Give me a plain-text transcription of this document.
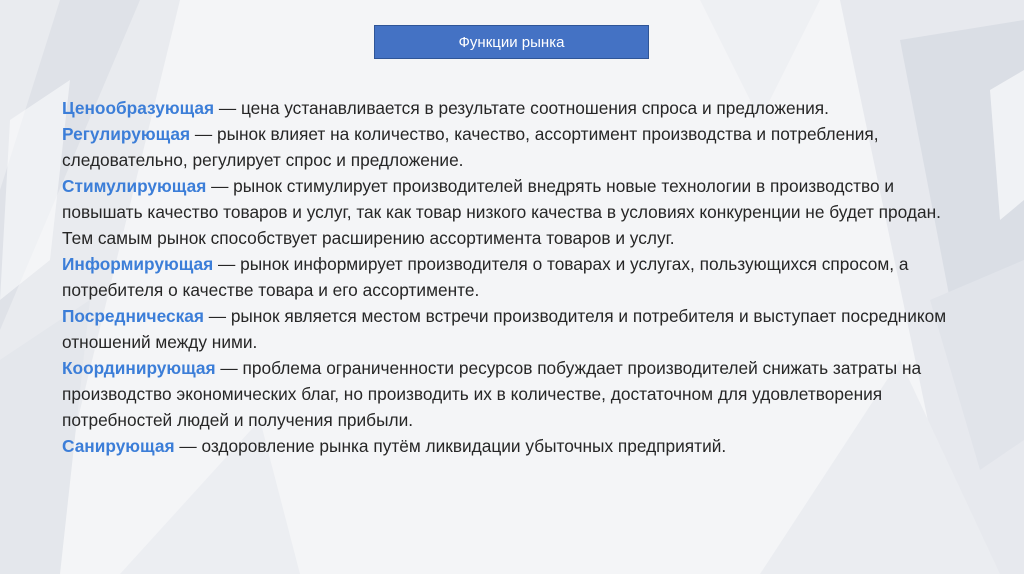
Функции рынка

Ценообразующая — цена устанавливается в результате соотношения спроса и предложения.

Регулирующая — рынок влияет на количество, качество, ассортимент производства и потребления, следовательно, регулирует спрос и предложение.

Стимулирующая — рынок стимулирует производителей внедрять новые технологии в производство и повышать качество товаров и услуг, так как товар низкого качества в условиях конкуренции не будет продан. Тем самым рынок способствует расширению ассортимента товаров и услуг.

Информирующая — рынок информирует производителя о товарах и услугах, пользующихся спросом, а потребителя о качестве товара и его ассортименте.

Посредническая — рынок является местом встречи производителя и потребителя и выступает посредником отношений между ними.

Координирующая — проблема ограниченности ресурсов побуждает производителей снижать затраты на производство экономических благ, но производить их в количестве, достаточном для удовлетворения потребностей людей и получения прибыли.

Санирующая — оздоровление рынка путём ликвидации убыточных предприятий.
